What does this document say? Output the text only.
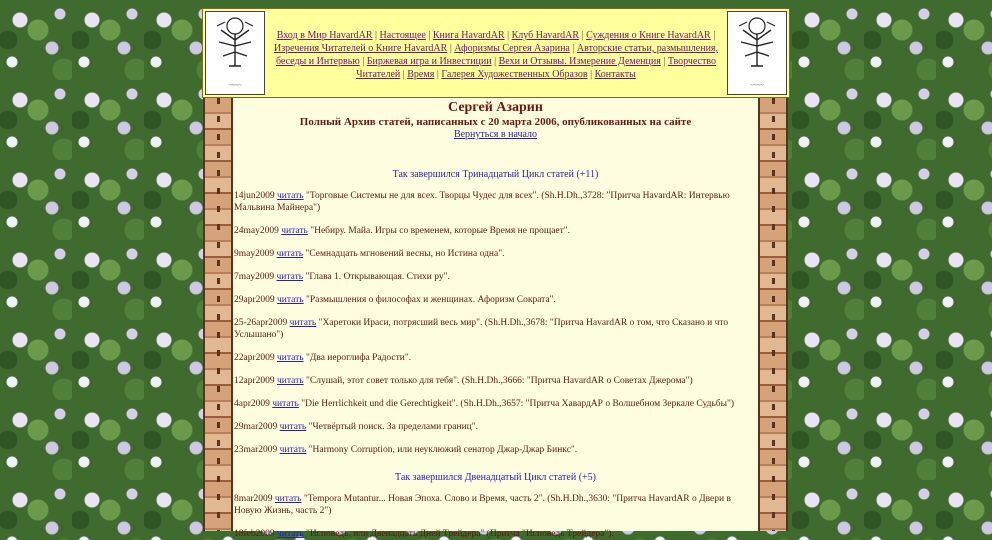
~~~~
Вход в Мир HavardAR | Настоящее | Книга HavardAR | Клуб HavardAR | Суждения о Книге HavardAR | Изречения Читателей о Книге HavardAR | Афоризмы Сергея Азарина | Авторские статьи, размышления, беседы и Интервью | Биржевая игра и Инвестиции | Вехи и Отзывы. Измерение Деменция | Творчество Читателей | Время | Галерея Художественных Образов | Контакты
~~~~
Сергей Азарин
Полный Архив статей, написанных с 20 марта 2006, опубликованных на сайте
Вернуться в начало
Так завершился Тринадцатый Цикл статей (+11)
14jun2009 читать "Торговые Системы не для всех. Творцы Чудес для всех". (Sh.H.Dh.,3728: "Притча HavardAR: Интервью Мальвина Майнера")
24may2009 читать "Небиру. Майа. Игры со временем, которые Время не прощает".
9may2009 читать "Семнадцать мгновений весны, но Истина одна".
7may2009 читать "Глава 1. Открывающая. Стихи ру".
29apr2009 читать "Размышления о философах и женщинах. Афоризм Сократа".
25-26apr2009 читать "Харетоки Ираси, потрясший весь мир". (Sh.H.Dh.,3678: "Притча HavardAR о том, что Сказано и что Услышано")
22apr2009 читать "Два иероглифа Радости".
12apr2009 читать "Слушай, этот совет только для тебя". (Sh.H.Dh.,3666: "Притча HavardAR о Советах Джерома")
4apr2009 читать "Die Herrlichkeit und die Gerechtigkeit". (Sh.H.Dh.,3657: "Притча ХавардАР о Волшебном Зеркале Судьбы")
29mar2009 читать "Четвёртый поиск. За пределами границ".
23mar2009 читать "Harmony Corruption, или неуклюжий сенатор Джар-Джар Бинкс".
Так завершился Двенадцатый Цикл статей (+5)
8mar2009 читать "Tempora Mutantur... Новая Эпоха. Слово и Время, часть 2". (Sh.H.Dh.,3630: "Притча HavardAR о Двери в Новую Жизнь, часть 2")
18feb2009 читать "Исповедь, или Двенадцать Дней Трейдера" (Притча "Исповедь Трейдера").
